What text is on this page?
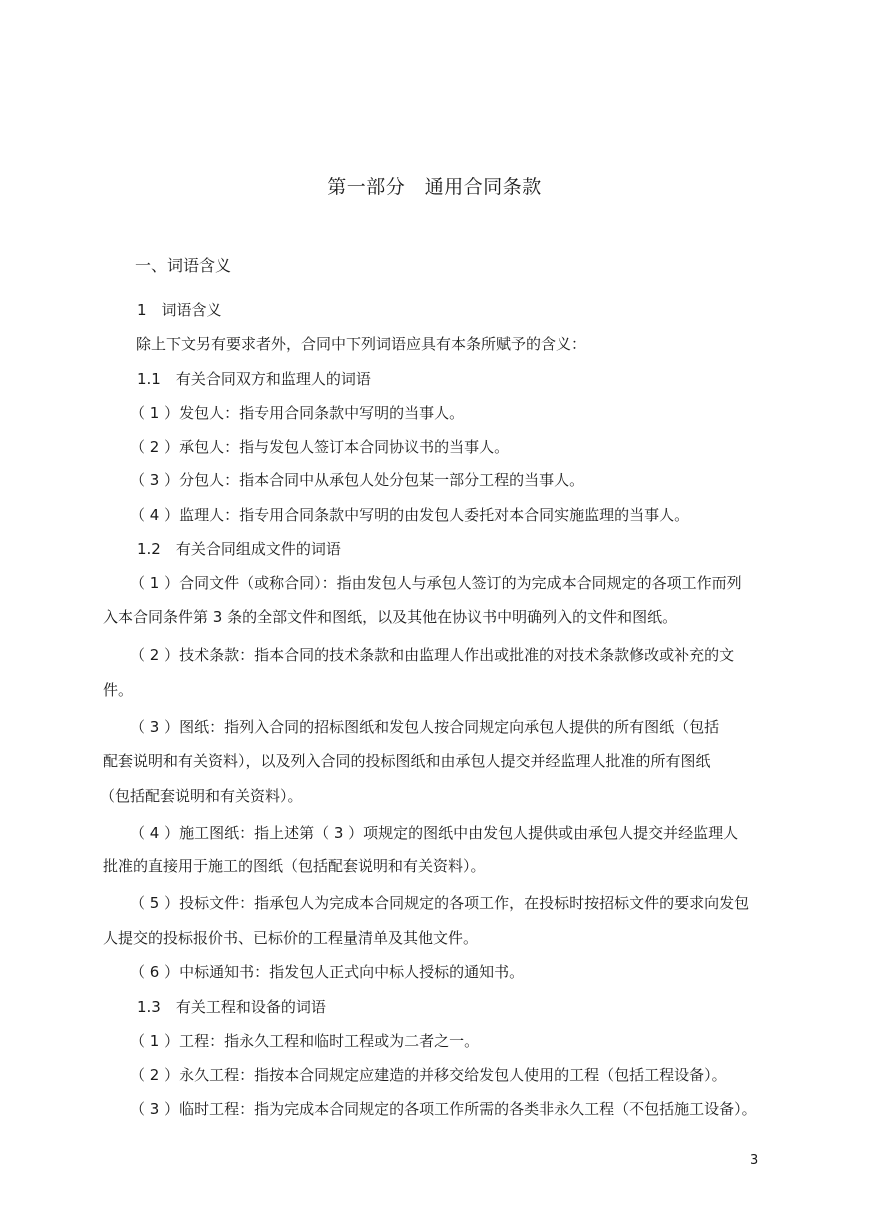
第一部分　通用合同条款
一、词语含义
1　词语含义
除上下文另有要求者外，合同中下列词语应具有本条所赋予的含义：
1.1　有关合同双方和监理人的词语
（ 1 ）发包人：指专用合同条款中写明的当事人。
（ 2 ）承包人：指与发包人签订本合同协议书的当事人。
（ 3 ）分包人：指本合同中从承包人处分包某一部分工程的当事人。
（ 4 ）监理人：指专用合同条款中写明的由发包人委托对本合同实施监理的当事人。
1.2　有关合同组成文件的词语
（ 1 ）合同文件（或称合同）：指由发包人与承包人签订的为完成本合同规定的各项工作而列
入本合同条件第 3 条的全部文件和图纸，以及其他在协议书中明确列入的文件和图纸。
（ 2 ）技术条款：指本合同的技术条款和由监理人作出或批准的对技术条款修改或补充的文
件。
（ 3 ）图纸：指列入合同的招标图纸和发包人按合同规定向承包人提供的所有图纸（包括
配套说明和有关资料），以及列入合同的投标图纸和由承包人提交并经监理人批准的所有图纸
（包括配套说明和有关资料）。
（ 4 ）施工图纸：指上述第（ 3 ）项规定的图纸中由发包人提供或由承包人提交并经监理人
批准的直接用于施工的图纸（包括配套说明和有关资料）。
（ 5 ）投标文件：指承包人为完成本合同规定的各项工作，在投标时按招标文件的要求向发包
人提交的投标报价书、已标价的工程量清单及其他文件。
（ 6 ）中标通知书：指发包人正式向中标人授标的通知书。
1.3　有关工程和设备的词语
（ 1 ）工程：指永久工程和临时工程或为二者之一。
（ 2 ）永久工程：指按本合同规定应建造的并移交给发包人使用的工程（包括工程设备）。
（ 3 ）临时工程：指为完成本合同规定的各项工作所需的各类非永久工程（不包括施工设备）。
3
